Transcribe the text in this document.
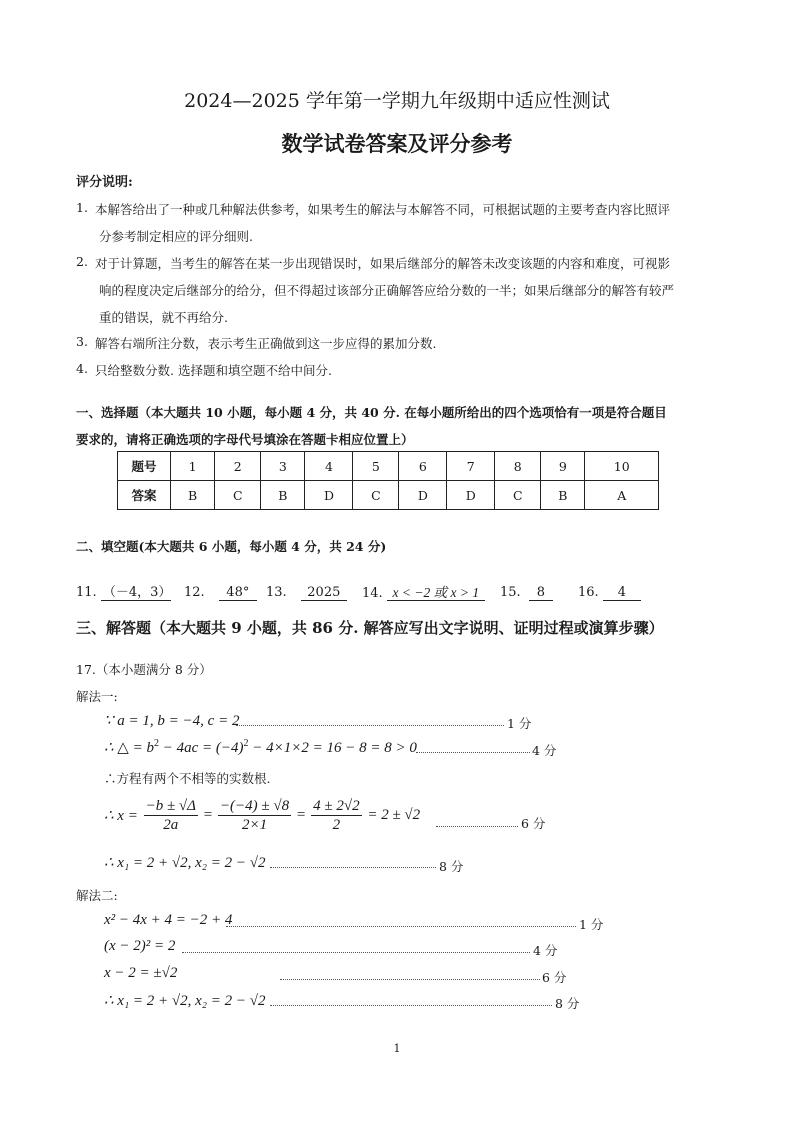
2024—2025 学年第一学期九年级期中适应性测试
数学试卷答案及评分参考
评分说明:
1. 本解答给出了一种或几种解法供参考，如果考生的解法与本解答不同，可根据试题的主要考查内容比照评
分参考制定相应的评分细则.
2. 对于计算题，当考生的解答在某一步出现错误时，如果后继部分的解答未改变该题的内容和难度，可视影
响的程度决定后继部分的给分，但不得超过该部分正确解答应给分数的一半；如果后继部分的解答有较严
重的错误，就不再给分.
3. 解答右端所注分数，表示考生正确做到这一步应得的累加分数.
4. 只给整数分数. 选择题和填空题不给中间分.
一、选择题（本大题共 10 小题，每小题 4 分，共 40 分. 在每小题所给出的四个选项恰有一项是符合题目
要求的，请将正确选项的字母代号填涂在答题卡相应位置上）
题号	1	2	3	4	5	6	7	8	9	10
答案	B	C	B	D	C	D	D	C	B	A
二、填空题(本大题共 6 小题，每小题 4 分，共 24 分)
11. （－4，3） 12. 48°	13. 2025	14. x < −2 或 x > 1	15. 8	16. 4
三、解答题（本大题共 9 小题，共 86 分. 解答应写出文字说明、证明过程或演算步骤）
17.（本小题满分 8 分）
解法一:
∵ a = 1, b = −4, c = 2	1 分
∴ △ = $b^2 - 4ac = (-4)^2 - 4\times 1\times 2 = 16 - 8 = 8 > 0$	4 分
∴方程有两个不相等的实数根.
∴ $x = \frac{-b \pm √\Delta}{2a} = \frac{-(-4) \pm √8}{2\times 1} = \frac{4 \pm 2√2}{2} = 2 \pm √2$
6 分
∴ x₁ = 2 + √2, x₂ = 2 − √2	8 分
解法二:
x² − 4x + 4 = −2 + 4	1 分
(x − 2)² = 2	4 分
x − 2 = ±√2	6 分
∴ x₁ = 2 + √2, x₂ = 2 − √2	8 分
1
